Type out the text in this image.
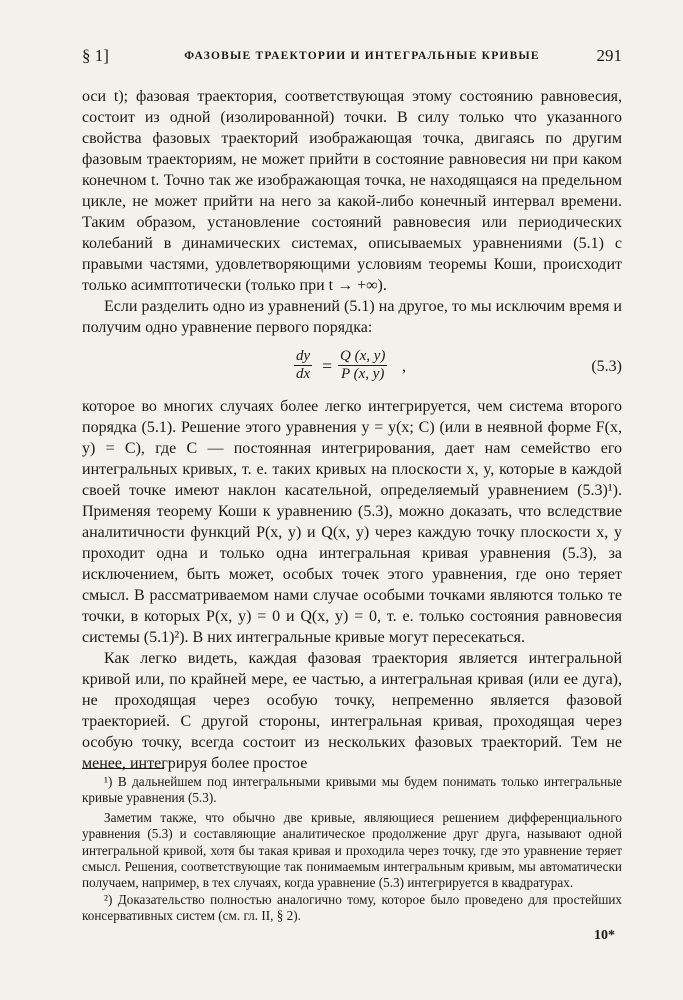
§ 1]	ФАЗОВЫЕ ТРАЕКТОРИИ И ИНТЕГРАЛЬНЫЕ КРИВЫЕ	291

оси t); фазовая траектория, соответствующая этому состоянию равновесия, состоит из одной (изолированной) точки. В силу только что указанного свойства фазовых траекторий изображающая точка, двигаясь по другим фазовым траекториям, не может прийти в состояние равновесия ни при каком конечном t. Точно так же изображающая точка, не находящаяся на предельном цикле, не может прийти на него за какой-либо конечный интервал времени. Таким образом, установление состояний равновесия или периодических колебаний в динамических системах, описываемых уравнениями (5.1) с правыми частями, удовлетворяющими условиям теоремы Коши, происходит только асимптотически (только при t → +∞).

Если разделить одно из уравнений (5.1) на другое, то мы исключим время и получим одно уравнение первого порядка:

$\frac{dy}{dx} = \frac{Q (x, y)}{P (x, y)}$ ,	(5.3)

которое во многих случаях более легко интегрируется, чем система второго порядка (5.1). Решение этого уравнения y = y(x; C) (или в неявной форме F(x, y) = C), где C — постоянная интегрирования, дает нам семейство его интегральных кривых, т. е. таких кривых на плоскости x, y, которые в каждой своей точке имеют наклон касательной, определяемый уравнением (5.3)¹). Применяя теорему Коши к уравнению (5.3), можно доказать, что вследствие аналитичности функций P(x, y) и Q(x, y) через каждую точку плоскости x, y проходит одна и только одна интегральная кривая уравнения (5.3), за исключением, быть может, особых точек этого уравнения, где оно теряет смысл. В рассматриваемом нами случае особыми точками являются только те точки, в которых P(x, y) = 0 и Q(x, y) = 0, т. е. только состояния равновесия системы (5.1)²). В них интегральные кривые могут пересекаться.

Как легко видеть, каждая фазовая траектория является интегральной кривой или, по крайней мере, ее частью, а интегральная кривая (или ее дуга), не проходящая через особую точку, непременно является фазовой траекторией. С другой стороны, интегральная кривая, проходящая через особую точку, всегда состоит из нескольких фазовых траекторий. Тем не менее, интегрируя более простое

¹) В дальнейшем под интегральными кривыми мы будем понимать только интегральные кривые уравнения (5.3).

Заметим также, что обычно две кривые, являющиеся решением дифференциального уравнения (5.3) и составляющие аналитическое продолжение друг друга, называют одной интегральной кривой, хотя бы такая кривая и проходила через точку, где это уравнение теряет смысл. Решения, соответствующие так понимаемым интегральным кривым, мы автоматически получаем, например, в тех случаях, когда уравнение (5.3) интегрируется в квадратурах.

²) Доказательство полностью аналогично тому, которое было проведено для простейших консервативных систем (см. гл. II, § 2).

10*
